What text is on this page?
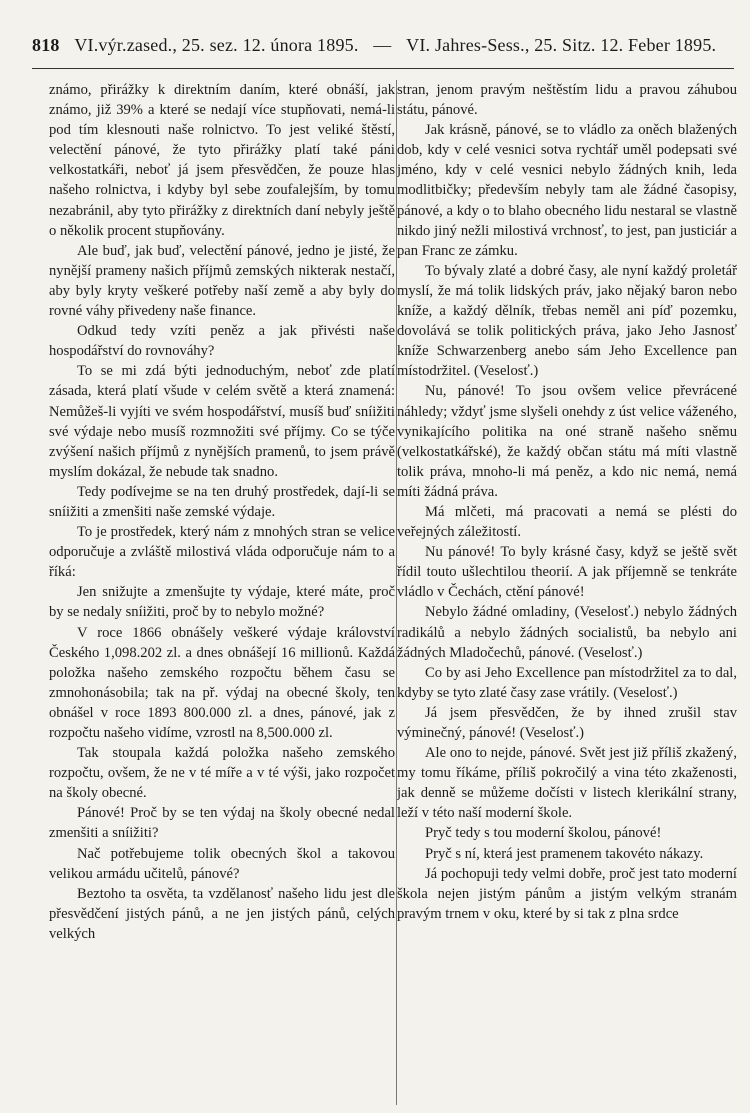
818 VI.výr.zased., 25. sez. 12. února 1895. — VI. Jahres-Sess., 25. Sitz. 12. Feber 1895.

známo, přirážky k direktním daním, které obnáší, jak známo, již 39% a které se nedají více stupňovati, nemá-li pod tím klesnouti naše rolnictvo. To jest veliké štěstí, velectění pánové, že tyto přirážky platí také páni velkostatkáři, neboť já jsem přesvědčen, že pouze hlas našeho rolnictva, i kdyby byl sebe zoufalejším, by tomu nezabránil, aby tyto přirážky z direktních daní nebyly ještě o několik procent stupňovány.

Ale buď, jak buď, velectění pánové, jedno je jisté, že nynější prameny našich příjmů zemských nikterak nestačí, aby byly kryty veškeré potřeby naší země a aby byly do rovné váhy přivedeny naše finance.

Odkud tedy vzíti peněz a jak přivésti naše hospodářství do rovnováhy?

To se mi zdá býti jednoduchým, neboť zde platí zásada, která platí všude v celém světě a která znamená: Nemůžeš-li vyjíti ve svém hospodářství, musíš buď sníižiti své výdaje nebo musíš rozmnožiti své příjmy. Co se týče zvýšení našich příjmů z nynějších pramenů, to jsem právě myslím dokázal, že nebude tak snadno.

Tedy podívejme se na ten druhý prostředek, dají-li se sníižiti a zmenšiti naše zemské výdaje.

To je prostředek, který nám z mnohých stran se velice odporučuje a zvláště milostivá vláda odporučuje nám to a říká:

Jen snižujte a zmenšujte ty výdaje, které máte, proč by se nedaly sníižiti, proč by to nebylo možné?

V roce 1866 obnášely veškeré výdaje království Českého 1,098.202 zl. a dnes obnášejí 16 millionů. Každá položka našeho zemského rozpočtu během času se zmnohonásobila; tak na př. výdaj na obecné školy, ten obnášel v roce 1893 800.000 zl. a dnes, pánové, jak z rozpočtu našeho vidíme, vzrostl na 8,500.000 zl.

Tak stoupala každá položka našeho zemského rozpočtu, ovšem, že ne v té míře a v té výši, jako rozpočet na školy obecné.

Pánové! Proč by se ten výdaj na školy obecné nedal zmenšiti a sníižiti?

Nač potřebujeme tolik obecných škol a takovou velikou armádu učitelů, pánové?

Beztoho ta osvěta, ta vzdělanosť našeho lidu jest dle přesvědčení jistých pánů, a ne jen jistých pánů, celých velkých

stran, jenom pravým neštěstím lidu a pravou záhubou státu, pánové.

Jak krásně, pánové, se to vládlo za oněch blažených dob, kdy v celé vesnici sotva rychtář uměl podepsati své jméno, kdy v celé vesnici nebylo žádných knih, leda modlitbičky; především nebyly tam ale žádné časopisy, pánové, a kdy o to blaho obecného lidu nestaral se vlastně nikdo jiný nežli milostivá vrchnosť, to jest, pan justiciár a pan Franc ze zámku.

To bývaly zlaté a dobré časy, ale nyní každý proletář myslí, že má tolik lidských práv, jako nějaký baron nebo kníže, a každý dělník, třebas neměl ani píď pozemku, dovolává se tolik politických práva, jako Jeho Jasnosť kníže Schwarzenberg anebo sám Jeho Excellence pan místodržitel. (Veselosť.)

Nu, pánové! To jsou ovšem velice převrácené náhledy; vždyť jsme slyšeli onehdy z úst velice váženého, vynikajícího politika na oné straně našeho sněmu (velkostatkářské), že každý občan státu má míti vlastně tolik práva, mnoho-li má peněz, a kdo nic nemá, nemá míti žádná práva.

Má mlčeti, má pracovati a nemá se plésti do veřejných záležitostí.

Nu pánové! To byly krásné časy, když se ještě svět řídil touto ušlechtilou theorií. A jak příjemně se tenkráte vládlo v Čechách, ctění pánové!

Nebylo žádné omladiny, (Veselosť.) nebylo žádných radikálů a nebylo žádných socialistů, ba nebylo ani žádných Mladočechů, pánové. (Veselosť.)

Co by asi Jeho Excellence pan místodržitel za to dal, kdyby se tyto zlaté časy zase vrátily. (Veselosť.)

Já jsem přesvědčen, že by ihned zrušil stav výminečný, pánové! (Veselosť.)

Ale ono to nejde, pánové. Svět jest již příliš zkažený, my tomu říkáme, příliš pokročilý a vina této zkaženosti, jak denně se můžeme dočísti v listech klerikální strany, leží v této naší moderní škole.

Pryč tedy s tou moderní školou, pánové!

Pryč s ní, která jest pramenem takovéto nákazy.

Já pochopuji tedy velmi dobře, proč jest tato moderní škola nejen jistým pánům a jistým velkým stranám pravým trnem v oku, které by si tak z plna srdce
